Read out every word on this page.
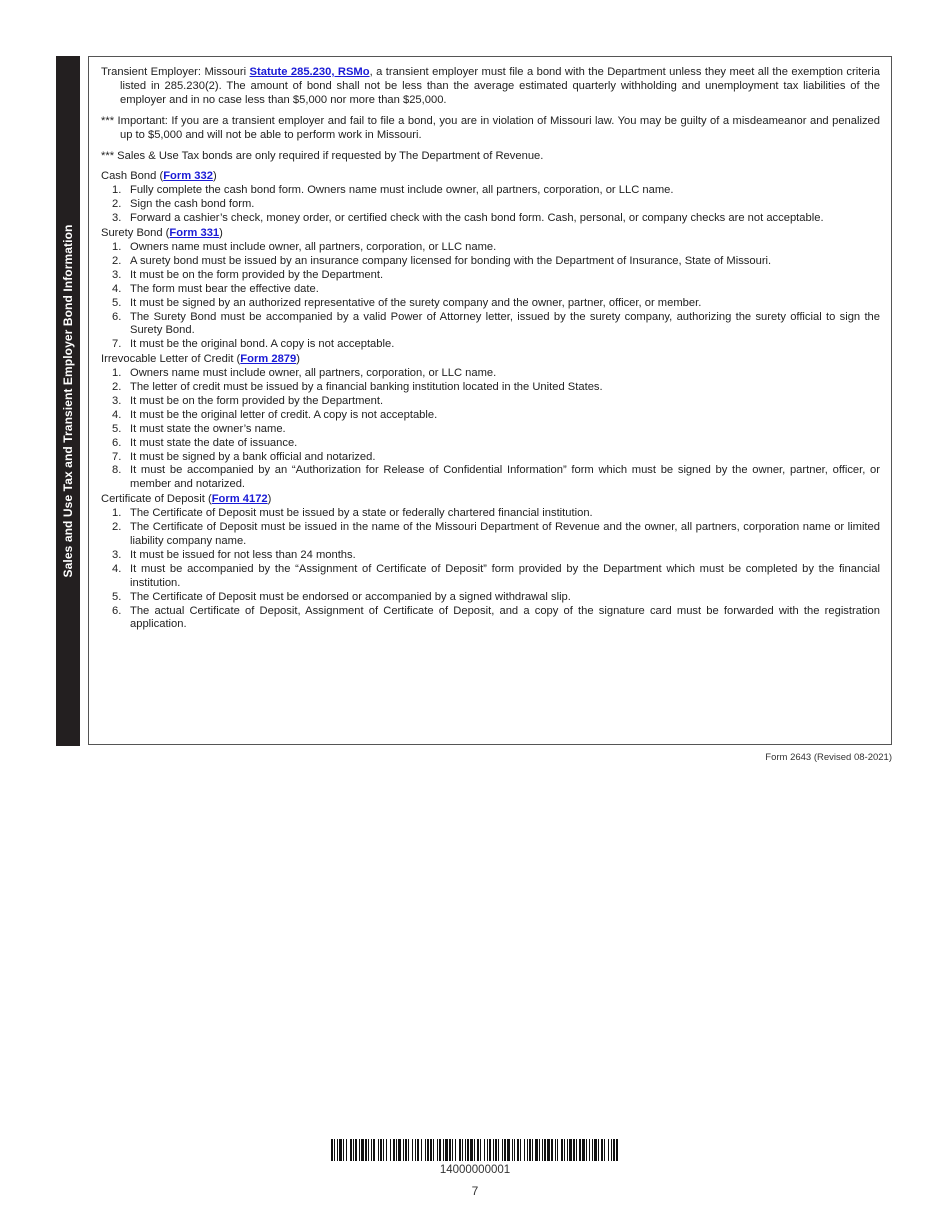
Sales and Use Tax and Transient Employer Bond Information

Transient Employer: Missouri Statute 285.230, RSMo, a transient employer must file a bond with the Department unless they meet all the exemption criteria listed in 285.230(2). The amount of bond shall not be less than the average estimated quarterly withholding and unemployment tax liabilities of the employer and in no case less than $5,000 nor more than $25,000.

*** Important: If you are a transient employer and fail to file a bond, you are in violation of Missouri law. You may be guilty of a misdeameanor and penalized up to $5,000 and will not be able to perform work in Missouri.

*** Sales & Use Tax bonds are only required if requested by The Department of Revenue.

Cash Bond (Form 332)

1. Fully complete the cash bond form. Owners name must include owner, all partners, corporation, or LLC name.
2. Sign the cash bond form.
3. Forward a cashier’s check, money order, or certified check with the cash bond form. Cash, personal, or company checks are not acceptable.

Surety Bond (Form 331)

1. Owners name must include owner, all partners, corporation, or LLC name.
2. A surety bond must be issued by an insurance company licensed for bonding with the Department of Insurance, State of Missouri.
3. It must be on the form provided by the Department.
4. The form must bear the effective date.
5. It must be signed by an authorized representative of the surety company and the owner, partner, officer, or member.
6. The Surety Bond must be accompanied by a valid Power of Attorney letter, issued by the surety company, authorizing the surety official to sign the Surety Bond.
7. It must be the original bond. A copy is not acceptable.

Irrevocable Letter of Credit (Form 2879)

1. Owners name must include owner, all partners, corporation, or LLC name.
2. The letter of credit must be issued by a financial banking institution located in the United States.
3. It must be on the form provided by the Department.
4. It must be the original letter of credit. A copy is not acceptable.
5. It must state the owner’s name.
6. It must state the date of issuance.
7. It must be signed by a bank official and notarized.
8. It must be accompanied by an “Authorization for Release of Confidential Information” form which must be signed by the owner, partner, officer, or member and notarized.

Certificate of Deposit (Form 4172)

1. The Certificate of Deposit must be issued by a state or federally chartered financial institution.
2. The Certificate of Deposit must be issued in the name of the Missouri Department of Revenue and the owner, all partners, corporation name or limited liability company name.
3. It must be issued for not less than 24 months.
4. It must be accompanied by the “Assignment of Certificate of Deposit” form provided by the Department which must be completed by the financial institution.
5. The Certificate of Deposit must be endorsed or accompanied by a signed withdrawal slip.
6. The actual Certificate of Deposit, Assignment of Certificate of Deposit, and a copy of the signature card must be forwarded with the registration application.
Form 2643 (Revised 08-2021)
14000000001
7
